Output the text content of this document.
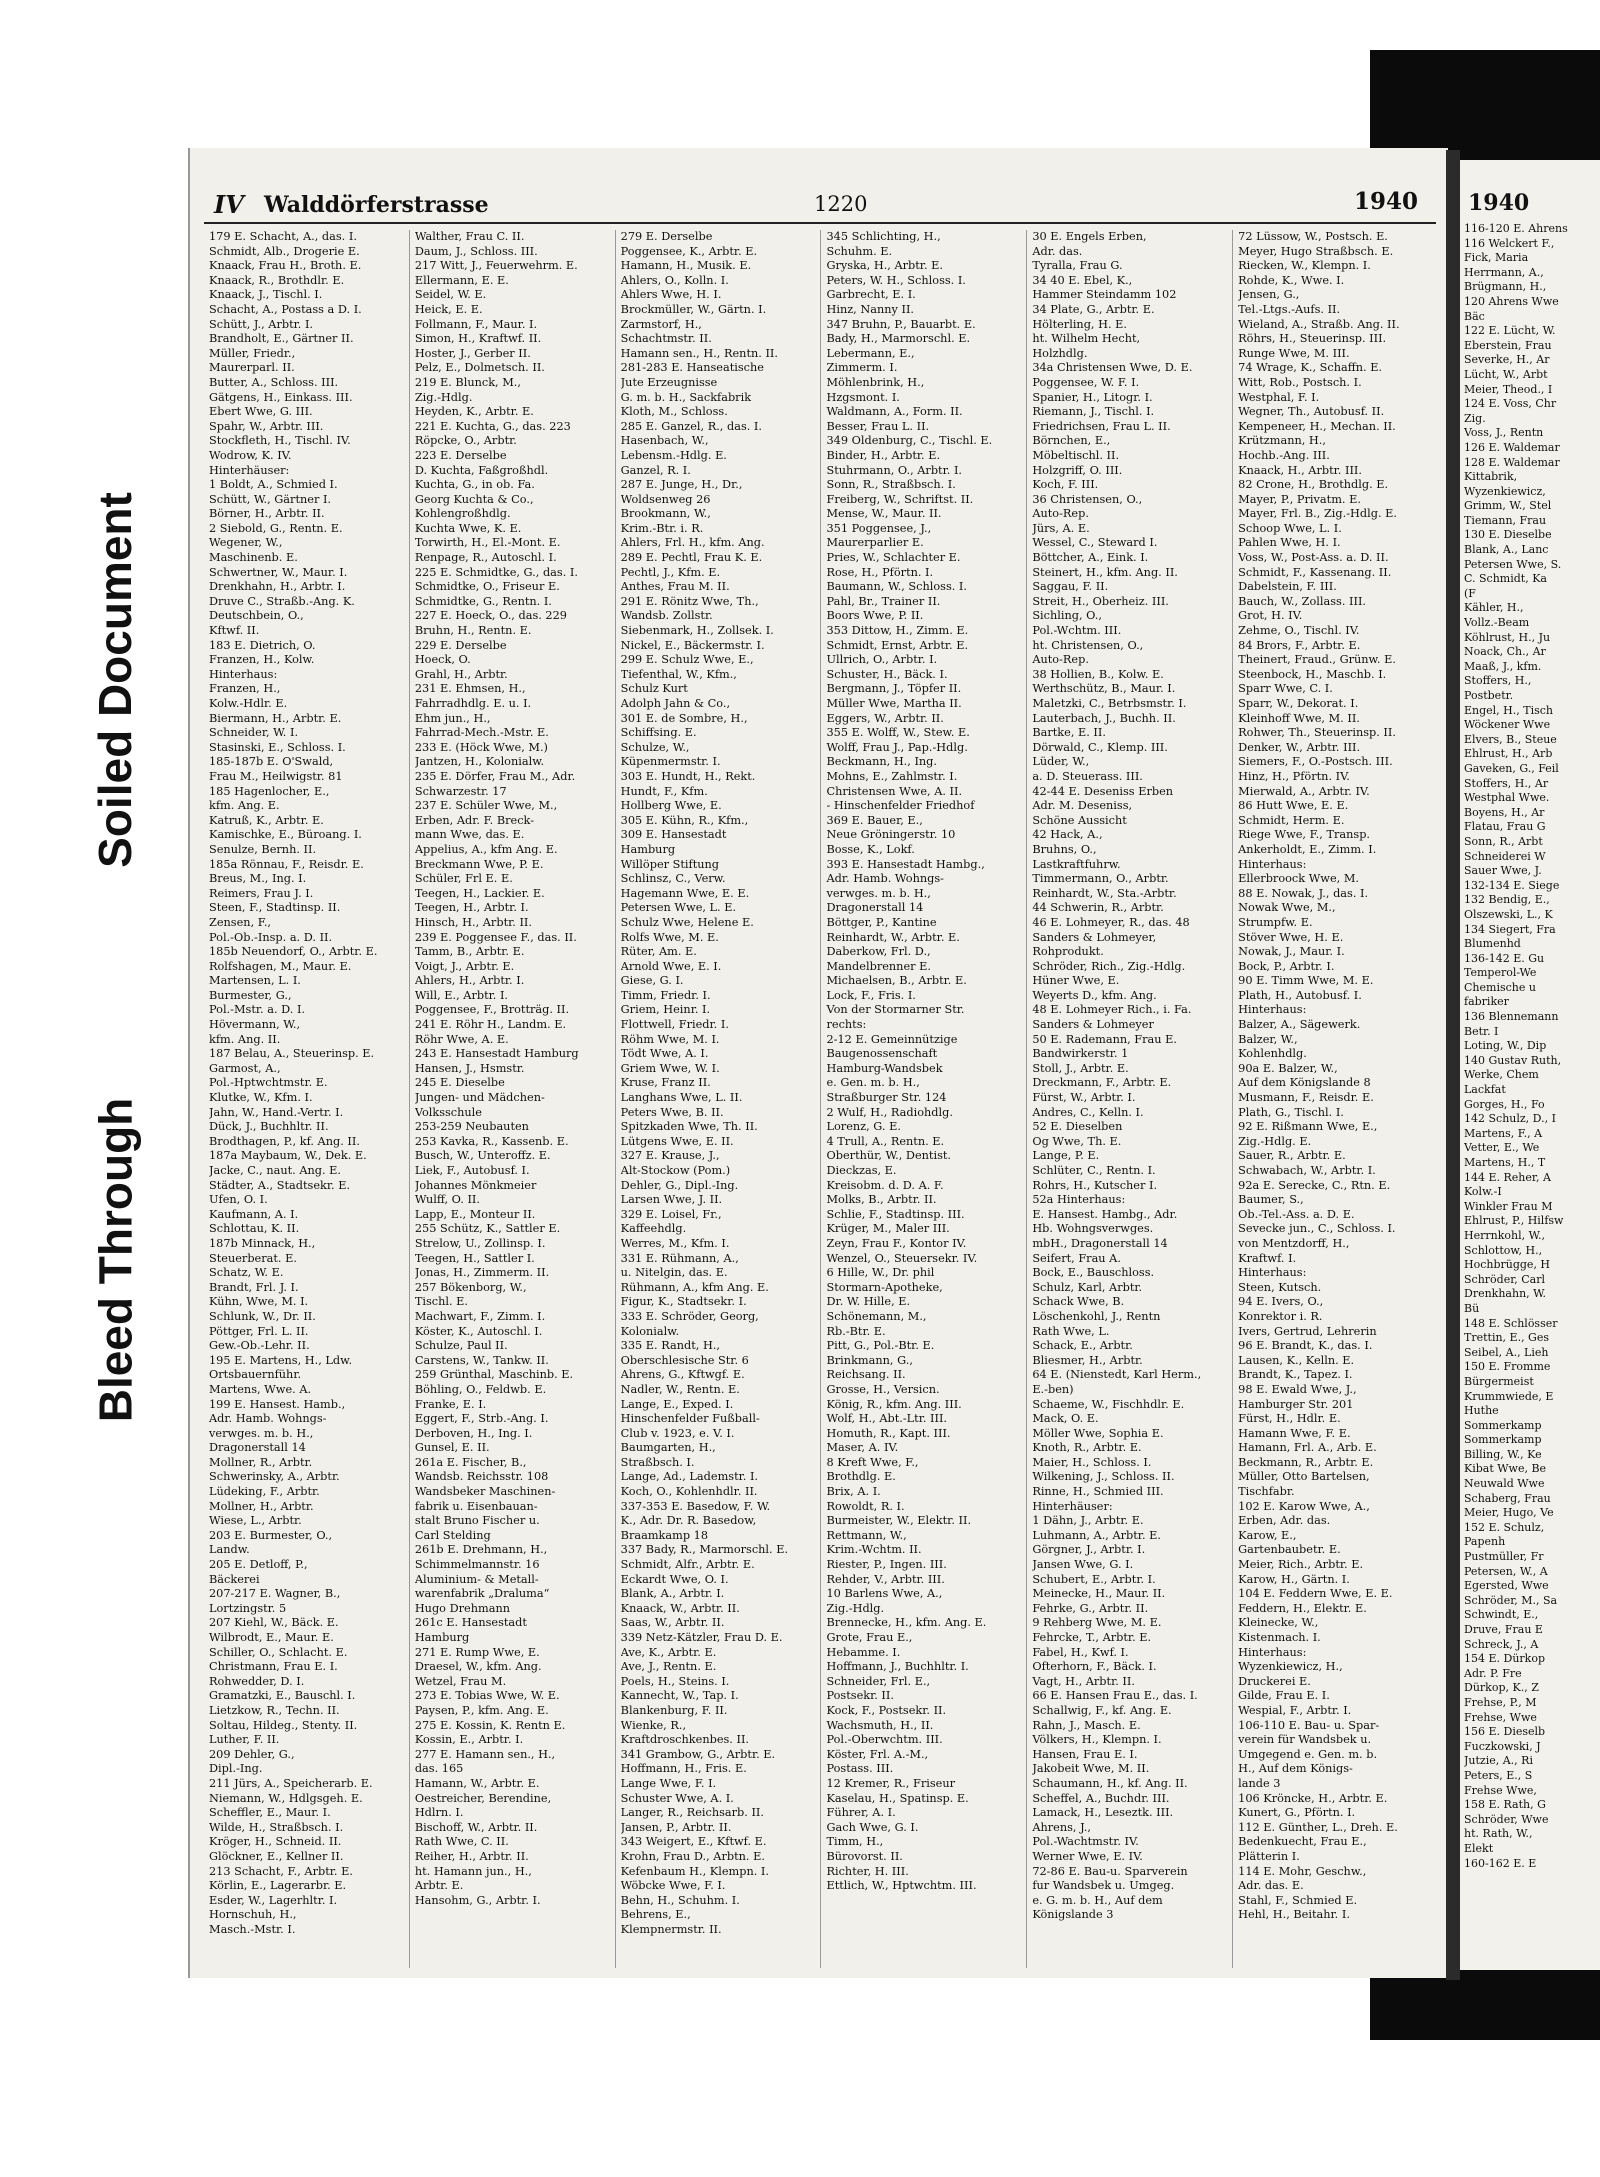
Soiled Document
Bleed Through
IV Walddörferstrasse	1220	1940
179 E. Schacht, A., das. I.
Schmidt, Alb., Drogerie E.
Knaack, Frau H., Broth. E.
Knaack, R., Brothdlr. E.
Knaack, J., Tischl. I.
Schacht, A., Postass a D. I.
Schütt, J., Arbtr. I.
Brandholt, E., Gärtner II.
Müller, Friedr.,
Maurerparl. II.
Butter, A., Schloss. III.
Gätgens, H., Einkass. III.
Ebert Wwe, G. III.
Spahr, W., Arbtr. III.
Stockfleth, H., Tischl. IV.
Wodrow, K. IV.
Hinterhäuser:
1 Boldt, A., Schmied I.
Schütt, W., Gärtner I.
Börner, H., Arbtr. II.
2 Siebold, G., Rentn. E.
Wegener, W.,
Maschinenb. E.
Schwertner, W., Maur. I.
Drenkhahn, H., Arbtr. I.
Druve C., Straßb.-Ang. K.
Deutschbein, O.,
Kftwf. II.
183 E. Dietrich, O.
Franzen, H., Kolw.
Hinterhaus:
Franzen, H.,
Kolw.-Hdlr. E.
Biermann, H., Arbtr. E.
Schneider, W. I.
Stasinski, E., Schloss. I.
185-187b E. O'Swald,
Frau M., Heilwigstr. 81
185 Hagenlocher, E.,
kfm. Ang. E.
Katruß, K., Arbtr. E.
Kamischke, E., Büroang. I.
Senulze, Bernh. II.
185a Rönnau, F., Reisdr. E.
Breus, M., Ing. I.
Reimers, Frau J. I.
Steen, F., Stadtinsp. II.
Zensen, F.,
Pol.-Ob.-Insp. a. D. II.
185b Neuendorf, O., Arbtr. E.
Rolfshagen, M., Maur. E.
Martensen, L. I.
Burmester, G.,
Pol.-Mstr. a. D. I.
Hövermann, W.,
kfm. Ang. II.
187 Belau, A., Steuerinsp. E.
Garmost, A.,
Pol.-Hptwchtmstr. E.
Klutke, W., Kfm. I.
Jahn, W., Hand.-Vertr. I.
Dück, J., Buchhltr. II.
Brodthagen, P., kf. Ang. II.
187a Maybaum, W., Dek. E.
Jacke, C., naut. Ang. E.
Städter, A., Stadtsekr. E.
Ufen, O. I.
Kaufmann, A. I.
Schlottau, K. II.
187b Minnack, H.,
Steuerberat. E.
Schatz, W. E.
Brandt, Frl. J. I.
Kühn, Wwe, M. I.
Schlunk, W., Dr. II.
Pöttger, Frl. L. II.
Gew.-Ob.-Lehr. II.
195 E. Martens, H., Ldw.
Ortsbauernführ.
Martens, Wwe. A.
199 E. Hansest. Hamb.,
Adr. Hamb. Wohngs-
verwges. m. b. H.,
Dragonerstall 14
Mollner, R., Arbtr.
Schwerinsky, A., Arbtr.
Lüdeking, F., Arbtr.
Mollner, H., Arbtr.
Wiese, L., Arbtr.
203 E. Burmester, O.,
Landw.
205 E. Detloff, P.,
Bäckerei
207-217 E. Wagner, B.,
Lortzingstr. 5
207 Kiehl, W., Bäck. E.
Wilbrodt, E., Maur. E.
Schiller, O., Schlacht. E.
Christmann, Frau E. I.
Rohwedder, D. I.
Gramatzki, E., Bauschl. I.
Lietzkow, R., Techn. II.
Soltau, Hildeg., Stenty. II.
Luther, F. II.
209 Dehler, G.,
Dipl.-Ing.
211 Jürs, A., Speicherarb. E.
Niemann, W., Hdlgsgeh. E.
Scheffler, E., Maur. I.
Wilde, H., Straßbsch. I.
Kröger, H., Schneid. II.
Glöckner, E., Kellner II.
213 Schacht, F., Arbtr. E.
Körlin, E., Lagerarbr. E.
Esder, W., Lagerhltr. I.
Hornschuh, H.,
Masch.-Mstr. I.
Walther, Frau C. II.
Daum, J., Schloss. III.
217 Witt, J., Feuerwehrm. E.
Ellermann, E. E.
Seidel, W. E.
Heick, E. E.
Follmann, F., Maur. I.
Simon, H., Kraftwf. II.
Hoster, J., Gerber II.
Pelz, E., Dolmetsch. II.
219 E. Blunck, M.,
Zig.-Hdlg.
Heyden, K., Arbtr. E.
221 E. Kuchta, G., das. 223
Röpcke, O., Arbtr.
223 E. Derselbe
D. Kuchta, Faßgroßhdl.
Kuchta, G., in ob. Fa.
Georg Kuchta & Co.,
Kohlengroßhdlg.
Kuchta Wwe, K. E.
Torwirth, H., El.-Mont. E.
Renpage, R., Autoschl. I.
225 E. Schmidtke, G., das. I.
Schmidtke, O., Friseur E.
Schmidtke, G., Rentn. I.
227 E. Hoeck, O., das. 229
Bruhn, H., Rentn. E.
229 E. Derselbe
Hoeck, O.
Grahl, H., Arbtr.
231 E. Ehmsen, H.,
Fahrradhdlg. E. u. I.
Ehm jun., H.,
Fahrrad-Mech.-Mstr. E.
233 E. (Höck Wwe, M.)
Jantzen, H., Kolonialw.
235 E. Dörfer, Frau M., Adr.
Schwarzestr. 17
237 E. Schüler Wwe, M.,
Erben, Adr. F. Breck-
mann Wwe, das. E.
Appelius, A., kfm Ang. E.
Breckmann Wwe, P. E.
Schüler, Frl E. E.
Teegen, H., Lackier. E.
Teegen, H., Arbtr. I.
Hinsch, H., Arbtr. II.
239 E. Poggensee F., das. II.
Tamm, B., Arbtr. E.
Voigt, J., Arbtr. E.
Ahlers, H., Arbtr. I.
Will, E., Arbtr. I.
Poggensee, F., Brotträg. II.
241 E. Röhr H., Landm. E.
Röhr Wwe, A. E.
243 E. Hansestadt Hamburg
Hansen, J., Hsmstr.
245 E. Dieselbe
Jungen- und Mädchen-
Volksschule
253-259 Neubauten
253 Kavka, R., Kassenb. E.
Busch, W., Unteroffz. E.
Liek, F., Autobusf. I.
Johannes Mönkmeier
Wulff, O. II.
Lapp, E., Monteur II.
255 Schütz, K., Sattler E.
Strelow, U., Zollinsp. I.
Teegen, H., Sattler I.
Jonas, H., Zimmerm. II.
257 Bökenborg, W.,
Tischl. E.
Machwart, F., Zimm. I.
Köster, K., Autoschl. I.
Schulze, Paul II.
Carstens, W., Tankw. II.
259 Grünthal, Maschinb. E.
Böhling, O., Feldwb. E.
Franke, E. I.
Eggert, F., Strb.-Ang. I.
Derboven, H., Ing. I.
Gunsel, E. II.
261a E. Fischer, B.,
Wandsb. Reichsstr. 108
Wandsbeker Maschinen-
fabrik u. Eisenbauan-
stalt Bruno Fischer u.
Carl Stelding
261b E. Drehmann, H.,
Schimmelmannstr. 16
Aluminium- & Metall-
warenfabrik „Draluma“
Hugo Drehmann
261c E. Hansestadt
Hamburg
271 E. Rump Wwe, E.
Draesel, W., kfm. Ang.
Wetzel, Frau M.
273 E. Tobias Wwe, W. E.
Paysen, P., kfm. Ang. E.
275 E. Kossin, K. Rentn E.
Kossin, E., Arbtr. I.
277 E. Hamann sen., H.,
das. 165
Hamann, W., Arbtr. E.
Oestreicher, Berendine,
Hdlrn. I.
Bischoff, W., Arbtr. II.
Rath Wwe, C. II.
Reiher, H., Arbtr. II.
ht. Hamann jun., H.,
Arbtr. E.
Hansohm, G., Arbtr. I.
279 E. Derselbe
Poggensee, K., Arbtr. E.
Hamann, H., Musik. E.
Ahlers, O., Kolln. I.
Ahlers Wwe, H. I.
Brockmüller, W., Gärtn. I.
Zarmstorf, H.,
Schachtmstr. II.
Hamann sen., H., Rentn. II.
281-283 E. Hanseatische
Jute Erzeugnisse
G. m. b. H., Sackfabrik
Kloth, M., Schloss.
285 E. Ganzel, R., das. I.
Hasenbach, W.,
Lebensm.-Hdlg. E.
Ganzel, R. I.
287 E. Junge, H., Dr.,
Woldsenweg 26
Brookmann, W.,
Krim.-Btr. i. R.
Ahlers, Frl. H., kfm. Ang.
289 E. Pechtl, Frau K. E.
Pechtl, J., Kfm. E.
Anthes, Frau M. II.
291 E. Rönitz Wwe, Th.,
Wandsb. Zollstr.
Siebenmark, H., Zollsek. I.
Nickel, E., Bäckermstr. I.
299 E. Schulz Wwe, E.,
Tiefenthal, W., Kfm.,
Schulz Kurt
Adolph Jahn & Co.,
301 E. de Sombre, H.,
Schiffsing. E.
Schulze, W.,
Küpenmermstr. I.
303 E. Hundt, H., Rekt.
Hundt, F., Kfm.
Hollberg Wwe, E.
305 E. Kühn, R., Kfm.,
309 E. Hansestadt
Hamburg
Willöper Stiftung
Schlinsz, C., Verw.
Hagemann Wwe, E. E.
Petersen Wwe, L. E.
Schulz Wwe, Helene E.
Rolfs Wwe, M. E.
Rüter, Am. E.
Arnold Wwe, E. I.
Giese, G. I.
Timm, Friedr. I.
Griem, Heinr. I.
Flottwell, Friedr. I.
Röhm Wwe, M. I.
Tödt Wwe, A. I.
Griem Wwe, W. I.
Kruse, Franz II.
Langhans Wwe, L. II.
Peters Wwe, B. II.
Spitzkaden Wwe, Th. II.
Lütgens Wwe, E. II.
327 E. Krause, J.,
Alt-Stockow (Pom.)
Dehler, G., Dipl.-Ing.
Larsen Wwe, J. II.
329 E. Loisel, Fr.,
Kaffeehdlg.
Werres, M., Kfm. I.
331 E. Rühmann, A.,
u. Nitelgin, das. E.
Rühmann, A., kfm Ang. E.
Figur, K., Stadtsekr. I.
333 E. Schröder, Georg,
Kolonialw.
335 E. Randt, H.,
Oberschlesische Str. 6
Ahrens, G., Kftwgf. E.
Nadler, W., Rentn. E.
Lange, E., Exped. I.
Hinschenfelder Fußball-
Club v. 1923, e. V. I.
Baumgarten, H.,
Straßbsch. I.
Lange, Ad., Lademstr. I.
Koch, O., Kohlenhdlr. II.
337-353 E. Basedow, F. W.
K., Adr. Dr. R. Basedow,
Braamkamp 18
337 Bady, R., Marmorschl. E.
Schmidt, Alfr., Arbtr. E.
Eckardt Wwe, O. I.
Blank, A., Arbtr. I.
Knaack, W., Arbtr. II.
Saas, W., Arbtr. II.
339 Netz-Kätzler, Frau D. E.
Ave, K., Arbtr. E.
Ave, J., Rentn. E.
Poels, H., Steins. I.
Kannecht, W., Tap. I.
Blankenburg, F. II.
Wienke, R.,
Kraftdroschkenbes. II.
341 Grambow, G., Arbtr. E.
Hoffmann, H., Fris. E.
Lange Wwe, F. I.
Schuster Wwe, A. I.
Langer, R., Reichsarb. II.
Jansen, P., Arbtr. II.
343 Weigert, E., Kftwf. E.
Krohn, Frau D., Arbtn. E.
Kefenbaum H., Klempn. I.
Wöbcke Wwe, F. I.
Behn, H., Schuhm. I.
Behrens, E.,
Klempnermstr. II.
345 Schlichting, H.,
Schuhm. E.
Gryska, H., Arbtr. E.
Peters, W. H., Schloss. I.
Garbrecht, E. I.
Hinz, Nanny II.
347 Bruhn, P., Bauarbt. E.
Bady, H., Marmorschl. E.
Lebermann, E.,
Zimmerm. I.
Möhlenbrink, H.,
Hzgsmont. I.
Waldmann, A., Form. II.
Besser, Frau L. II.
349 Oldenburg, C., Tischl. E.
Binder, H., Arbtr. E.
Stuhrmann, O., Arbtr. I.
Sonn, R., Straßbsch. I.
Freiberg, W., Schriftst. II.
Mense, W., Maur. II.
351 Poggensee, J.,
Maurerparlier E.
Pries, W., Schlachter E.
Rose, H., Pförtn. I.
Baumann, W., Schloss. I.
Pahl, Br., Trainer II.
Boors Wwe, P. II.
353 Dittow, H., Zimm. E.
Schmidt, Ernst, Arbtr. E.
Ullrich, O., Arbtr. I.
Schuster, H., Bäck. I.
Bergmann, J., Töpfer II.
Müller Wwe, Martha II.
Eggers, W., Arbtr. II.
355 E. Wolff, W., Stew. E.
Wolff, Frau J., Pap.-Hdlg.
Beckmann, H., Ing.
Mohns, E., Zahlmstr. I.
Christensen Wwe, A. II.
- Hinschenfelder Friedhof
369 E. Bauer, E.,
Neue Gröningerstr. 10
Bosse, K., Lokf.
393 E. Hansestadt Hambg.,
Adr. Hamb. Wohngs-
verwges. m. b. H.,
Dragonerstall 14
Böttger, P., Kantine
Reinhardt, W., Arbtr. E.
Daberkow, Frl. D.,
Mandelbrenner E.
Michaelsen, B., Arbtr. E.
Lock, F., Fris. I.
Von der Stormarner Str.
rechts:
2-12 E. Gemeinnützige
Baugenossenschaft
Hamburg-Wandsbek
e. Gen. m. b. H.,
Straßburger Str. 124
2 Wulf, H., Radiohdlg.
Lorenz, G. E.
4 Trull, A., Rentn. E.
Oberthür, W., Dentist.
Dieckzas, E.
Kreisobm. d. D. A. F.
Molks, B., Arbtr. II.
Schlie, F., Stadtinsp. III.
Krüger, M., Maler III.
Zeyn, Frau F., Kontor IV.
Wenzel, O., Steuersekr. IV.
6 Hille, W., Dr. phil
Stormarn-Apotheke,
Dr. W. Hille, E.
Schönemann, M.,
Rb.-Btr. E.
Pitt, G., Pol.-Btr. E.
Brinkmann, G.,
Reichsang. II.
Grosse, H., Versicn.
König, R., kfm. Ang. III.
Wolf, H., Abt.-Ltr. III.
Homuth, R., Kapt. III.
Maser, A. IV.
8 Kreft Wwe, F.,
Brothdlg. E.
Brix, A. I.
Rowoldt, R. I.
Burmeister, W., Elektr. II.
Rettmann, W.,
Krim.-Wchtm. II.
Riester, P., Ingen. III.
Rehder, V., Arbtr. III.
10 Barlens Wwe, A.,
Zig.-Hdlg.
Brennecke, H., kfm. Ang. E.
Grote, Frau E.,
Hebamme. I.
Hoffmann, J., Buchhltr. I.
Schneider, Frl. E.,
Postsekr. II.
Kock, F., Postsekr. II.
Wachsmuth, H., II.
Pol.-Oberwchtm. III.
Köster, Frl. A.-M.,
Postass. III.
12 Kremer, R., Friseur
Kaselau, H., Spatinsp. E.
Führer, A. I.
Gach Wwe, G. I.
Timm, H.,
Bürovorst. II.
Richter, H. III.
Ettlich, W., Hptwchtm. III.
30 E. Engels Erben,
Adr. das.
Tyralla, Frau G.
34 40 E. Ebel, K.,
Hammer Steindamm 102
34 Plate, G., Arbtr. E.
Hölterling, H. E.
ht. Wilhelm Hecht,
Holzhdlg.
34a Christensen Wwe, D. E.
Poggensee, W. F. I.
Spanier, H., Litogr. I.
Riemann, J., Tischl. I.
Friedrichsen, Frau L. II.
Börnchen, E.,
Möbeltischl. II.
Holzgriff, O. III.
Koch, F. III.
36 Christensen, O.,
Auto-Rep.
Jürs, A. E.
Wessel, C., Steward I.
Böttcher, A., Eink. I.
Steinert, H., kfm. Ang. II.
Saggau, F. II.
Streit, H., Oberheiz. III.
Sichling, O.,
Pol.-Wchtm. III.
ht. Christensen, O.,
Auto-Rep.
38 Hollien, B., Kolw. E.
Werthschütz, B., Maur. I.
Maletzki, C., Betrbsmstr. I.
Lauterbach, J., Buchh. II.
Bartke, E. II.
Dörwald, C., Klemp. III.
Lüder, W.,
a. D. Steuerass. III.
42-44 E. Deseniss Erben
Adr. M. Deseniss,
Schöne Aussicht
42 Hack, A.,
Bruhns, O.,
Lastkraftfuhrw.
Timmermann, O., Arbtr.
Reinhardt, W., Sta.-Arbtr.
44 Schwerin, R., Arbtr.
46 E. Lohmeyer, R., das. 48
Sanders & Lohmeyer,
Rohprodukt.
Schröder, Rich., Zig.-Hdlg.
Hüner Wwe, E.
Weyerts D., kfm. Ang.
48 E. Lohmeyer Rich., i. Fa.
Sanders & Lohmeyer
50 E. Rademann, Frau E.
Bandwirkerstr. 1
Stoll, J., Arbtr. E.
Dreckmann, F., Arbtr. E.
Fürst, W., Arbtr. I.
Andres, C., Kelln. I.
52 E. Dieselben
Og Wwe, Th. E.
Lange, P. E.
Schlüter, C., Rentn. I.
Rohrs, H., Kutscher I.
52a Hinterhaus:
E. Hansest. Hambg., Adr.
Hb. Wohngsverwges.
mbH., Dragonerstall 14
Seifert, Frau A.
Bock, E., Bauschloss.
Schulz, Karl, Arbtr.
Schack Wwe, B.
Löschenkohl, J., Rentn
Rath Wwe, L.
Schack, E., Arbtr.
Bliesmer, H., Arbtr.
64 E. (Nienstedt, Karl Herm.,
E.-ben)
Schaeme, W., Fischhdlr. E.
Mack, O. E.
Möller Wwe, Sophia E.
Knoth, R., Arbtr. E.
Maier, H., Schloss. I.
Wilkening, J., Schloss. II.
Rinne, H., Schmied III.
Hinterhäuser:
1 Dähn, J., Arbtr. E.
Luhmann, A., Arbtr. E.
Görgner, J., Arbtr. I.
Jansen Wwe, G. I.
Schubert, E., Arbtr. I.
Meinecke, H., Maur. II.
Fehrke, G., Arbtr. II.
9 Rehberg Wwe, M. E.
Fehrcke, T., Arbtr. E.
Fabel, H., Kwf. I.
Ofterhorn, F., Bäck. I.
Vagt, H., Arbtr. II.
66 E. Hansen Frau E., das. I.
Schallwig, F., kf. Ang. E.
Rahn, J., Masch. E.
Völkers, H., Klempn. I.
Hansen, Frau E. I.
Jakobeit Wwe, M. II.
Schaumann, H., kf. Ang. II.
Scheffel, A., Buchdr. III.
Lamack, H., Leseztk. III.
Ahrens, J.,
Pol.-Wachtmstr. IV.
Werner Wwe, E. IV.
72-86 E. Bau-u. Sparverein
fur Wandsbek u. Umgeg.
e. G. m. b. H., Auf dem
Königslande 3
72 Lüssow, W., Postsch. E.
Meyer, Hugo Straßbsch. E.
Riecken, W., Klempn. I.
Rohde, K., Wwe. I.
Jensen, G.,
Tel.-Ltgs.-Aufs. II.
Wieland, A., Straßb. Ang. II.
Röhrs, H., Steuerinsp. III.
Runge Wwe, M. III.
74 Wrage, K., Schaffn. E.
Witt, Rob., Postsch. I.
Westphal, F. I.
Wegner, Th., Autobusf. II.
Kempeneer, H., Mechan. II.
Krützmann, H.,
Hochb.-Ang. III.
Knaack, H., Arbtr. III.
82 Crone, H., Brothdlg. E.
Mayer, P., Privatm. E.
Mayer, Frl. B., Zig.-Hdlg. E.
Schoop Wwe, L. I.
Pahlen Wwe, H. I.
Voss, W., Post-Ass. a. D. II.
Schmidt, F., Kassenang. II.
Dabelstein, F. III.
Bauch, W., Zollass. III.
Grot, H. IV.
Zehme, O., Tischl. IV.
84 Brors, F., Arbtr. E.
Theinert, Fraud., Grünw. E.
Steenbock, H., Maschb. I.
Sparr Wwe, C. I.
Sparr, W., Dekorat. I.
Kleinhoff Wwe, M. II.
Rohwer, Th., Steuerinsp. II.
Denker, W., Arbtr. III.
Siemers, F., O.-Postsch. III.
Hinz, H., Pförtn. IV.
Mierwald, A., Arbtr. IV.
86 Hutt Wwe, E. E.
Schmidt, Herm. E.
Riege Wwe, F., Transp.
Ankerholdt, E., Zimm. I.
Hinterhaus:
Ellerbroock Wwe, M.
88 E. Nowak, J., das. I.
Nowak Wwe, M.,
Strumpfw. E.
Stöver Wwe, H. E.
Nowak, J., Maur. I.
Bock, P., Arbtr. I.
90 E. Timm Wwe, M. E.
Plath, H., Autobusf. I.
Hinterhaus:
Balzer, A., Sägewerk.
Balzer, W.,
Kohlenhdlg.
90a E. Balzer, W.,
Auf dem Königslande 8
Musmann, F., Reisdr. E.
Plath, G., Tischl. I.
92 E. Rißmann Wwe, E.,
Zig.-Hdlg. E.
Sauer, R., Arbtr. E.
Schwabach, W., Arbtr. I.
92a E. Serecke, C., Rtn. E.
Baumer, S.,
Ob.-Tel.-Ass. a. D. E.
Sevecke jun., C., Schloss. I.
von Mentzdorff, H.,
Kraftwf. I.
Hinterhaus:
Steen, Kutsch.
94 E. Ivers, O.,
Konrektor i. R.
Ivers, Gertrud, Lehrerin
96 E. Brandt, K., das. I.
Lausen, K., Kelln. E.
Brandt, K., Tapez. I.
98 E. Ewald Wwe, J.,
Hamburger Str. 201
Fürst, H., Hdlr. E.
Hamann Wwe, F. E.
Hamann, Frl. A., Arb. E.
Beckmann, R., Arbtr. E.
Müller, Otto Bartelsen,
Tischfabr.
102 E. Karow Wwe, A.,
Erben, Adr. das.
Karow, E.,
Gartenbaubetr. E.
Meier, Rich., Arbtr. E.
Karow, H., Gärtn. I.
104 E. Feddern Wwe, E. E.
Feddern, H., Elektr. E.
Kleinecke, W.,
Kistenmach. I.
Hinterhaus:
Wyzenkiewicz, H.,
Druckerei E.
Gilde, Frau E. I.
Wespial, F., Arbtr. I.
106-110 E. Bau- u. Spar-
verein für Wandsbek u.
Umgegend e. Gen. m. b.
H., Auf dem Königs-
lande 3
106 Kröncke, H., Arbtr. E.
Kunert, G., Pförtn. I.
112 E. Günther, L., Dreh. E.
Bedenkuecht, Frau E.,
Plätterin I.
114 E. Mohr, Geschw.,
Adr. das. E.
Stahl, F., Schmied E.
Hehl, H., Beitahr. I.
1940
116-120 E. Ahrens
116 Welckert F.,
Fick, Maria
Herrmann, A.,
Brügmann, H.,
120 Ahrens Wwe
Bäc
122 E. Lücht, W.
Eberstein, Frau
Severke, H., Ar
Lücht, W., Arbt
Meier, Theod., I
124 E. Voss, Chr
Zig.
Voss, J., Rentn
126 E. Waldemar
128 E. Waldemar
Kittabrik,
Wyzenkiewicz,
Grimm, W., Stel
Tiemann, Frau
130 E. Dieselbe
Blank, A., Lanc
Petersen Wwe, S.
C. Schmidt, Ka
(F
Kähler, H.,
Vollz.-Beam
Köhlrust, H., Ju
Noack, Ch., Ar
Maaß, J., kfm.
Stoffers, H.,
Postbetr.
Engel, H., Tisch
Wöckener Wwe
Elvers, B., Steue
Ehlrust, H., Arb
Gaveken, G., Feil
Stoffers, H., Ar
Westphal Wwe.
Boyens, H., Ar
Flatau, Frau G
Sonn, R., Arbt
Schneiderei W
Sauer Wwe, J.
132-134 E. Siege
132 Bendig, E.,
Olszewski, L., K
134 Siegert, Fra
Blumenhd
136-142 E. Gu
Temperol-We
Chemische u
fabriker
136 Blennemann
Betr. I
Loting, W., Dip
140 Gustav Ruth,
Werke, Chem
Lackfat
Gorges, H., Fo
142 Schulz, D., I
Martens, F., A
Vetter, E., We
Martens, H., T
144 E. Reher, A
Kolw.-I
Winkler Frau M
Ehlrust, P., Hilfsw
Herrnkohl, W.,
Schlottow, H.,
Hochbrügge, H
Schröder, Carl
Drenkhahn, W.
Bü
148 E. Schlösser
Trettin, E., Ges
Seibel, A., Lieh
150 E. Fromme
Bürgermeist
Krummwiede, E
Huthe
Sommerkamp
Sommerkamp
Billing, W., Ke
Kibat Wwe, Be
Neuwald Wwe
Schaberg, Frau
Meier, Hugo, Ve
152 E. Schulz,
Papenh
Pustmüller, Fr
Petersen, W., A
Egersted, Wwe
Schröder, M., Sa
Schwindt, E.,
Druve, Frau E
Schreck, J., A
154 E. Dürkop
Adr. P. Fre
Dürkop, K., Z
Frehse, P., M
Frehse, Wwe
156 E. Dieselb
Fuczkowski, J
Jutzie, A., Ri
Peters, E., S
Frehse Wwe,
158 E. Rath, G
Schröder, Wwe
ht. Rath, W.,
Elekt
160-162 E. E
